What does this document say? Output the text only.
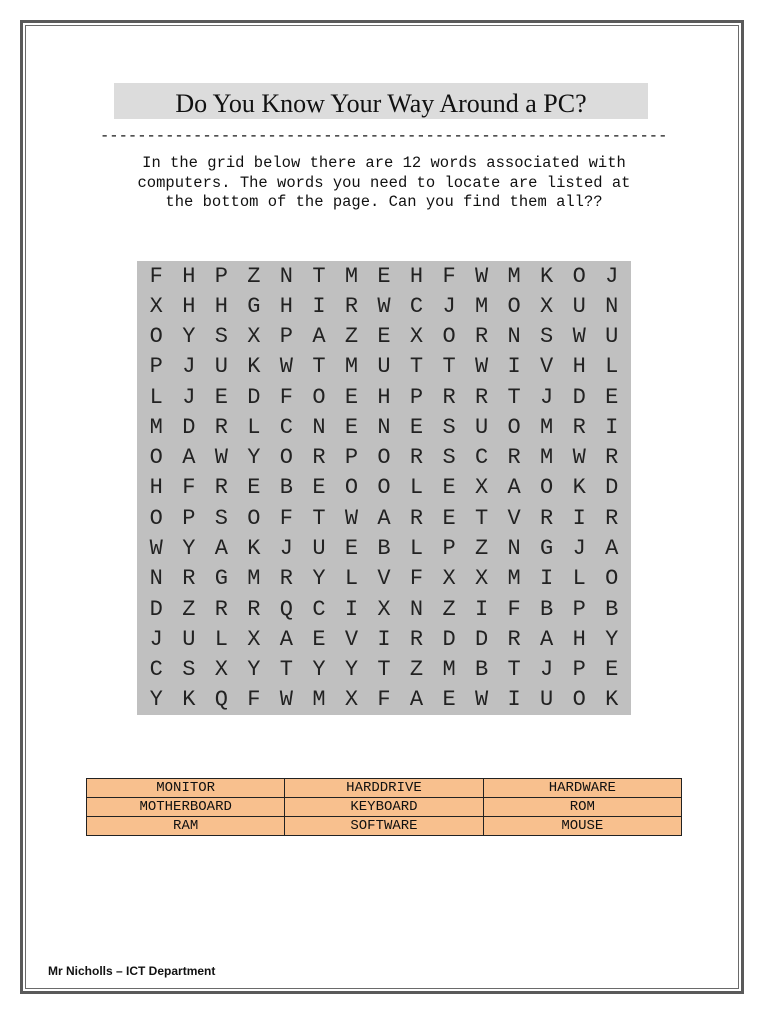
Do You Know Your Way Around a PC?
-------------------------------------------------------------
In the grid below there are 12 words associated with
computers. The words you need to locate are listed at
the bottom of the page. Can you find them all??
F H P Z N T M E H F W M K O J
X H H G H I R W C J M O X U N
O Y S X P A Z E X O R N S W U
P J U K W T M U T T W I V H L
L J E D F O E H P R R T J D E
M D R L C N E N E S U O M R I
O A W Y O R P O R S C R M W R
H F R E B E O O L E X A O K D
O P S O F T W A R E T V R I R
W Y A K J U E B L P Z N G J A
N R G M R Y L V F X X M I L O
D Z R R Q C I X N Z I F B P B
J U L X A E V I R D D R A H Y
C S X Y T Y Y T Z M B T J P E
Y K Q F W M X F A E W I U O K
MONITOR	HARDDRIVE	HARDWARE
MOTHERBOARD	KEYBOARD	ROM
RAM	SOFTWARE	MOUSE
Mr Nicholls – ICT Department
